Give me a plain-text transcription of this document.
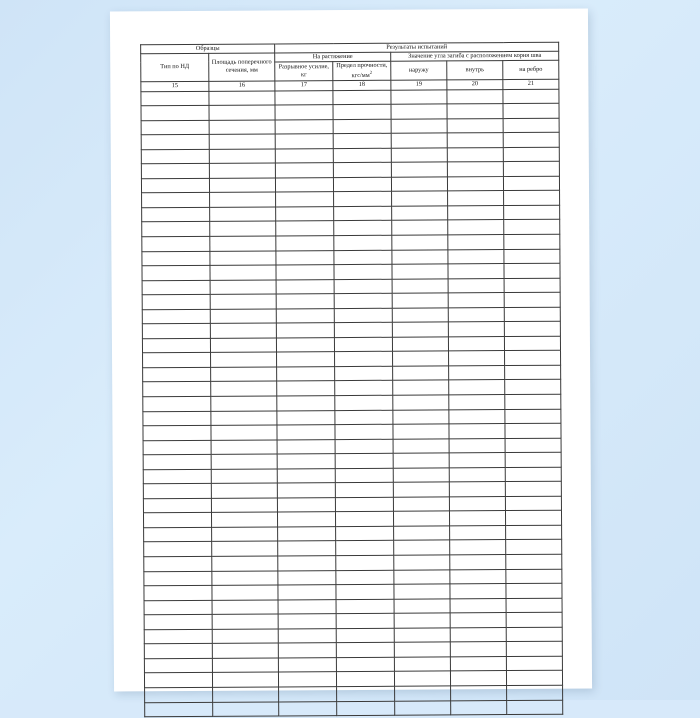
Образцы		Результаты испытаний				
Тип по НД	Площадь поперечного сечения, мм	На растяжение		Значение угла загиба с расположением корня шва		
		Разрывное усилие, кг	Предел прочности, кгс/$мм^2$	наружу	внутрь	на ребро
15	16	17	18	19	20	21
